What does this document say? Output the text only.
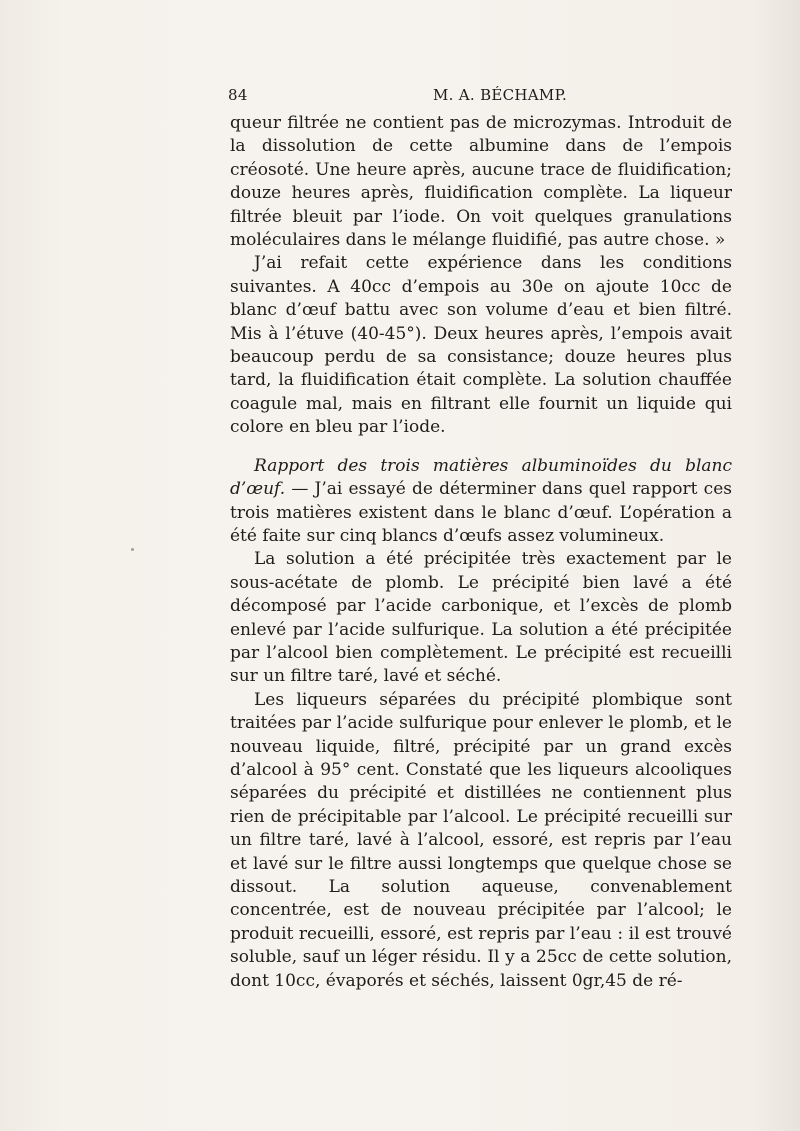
84	M. A. BÉCHAMP.

queur filtrée ne contient pas de microzymas. Introduit de la dissolution de cette albumine dans de l’empois créosoté. Une heure après, aucune trace de fluidification; douze heures après, fluidification complète. La liqueur filtrée bleuit par l’iode. On voit quelques granulations moléculaires dans le mélange fluidifié, pas autre chose. »

J’ai refait cette expérience dans les conditions suivantes. A 40cc d’empois au 30e on ajoute 10cc de blanc d’œuf battu avec son volume d’eau et bien filtré. Mis à l’étuve (40-45°). Deux heures après, l’empois avait beaucoup perdu de sa consistance; douze heures plus tard, la fluidification était complète. La solution chauffée coagule mal, mais en filtrant elle fournit un liquide qui colore en bleu par l’iode.

Rapport des trois matières albuminoïdes du blanc d’œuf. — J’ai essayé de déterminer dans quel rapport ces trois matières existent dans le blanc d’œuf. L’opération a été faite sur cinq blancs d’œufs assez volumineux.

La solution a été précipitée très exactement par le sous-acétate de plomb. Le précipité bien lavé a été décomposé par l’acide carbonique, et l’excès de plomb enlevé par l’acide sulfurique. La solution a été précipitée par l’alcool bien complètement. Le précipité est recueilli sur un filtre taré, lavé et séché.

Les liqueurs séparées du précipité plombique sont traitées par l’acide sulfurique pour enlever le plomb, et le nouveau liquide, filtré, précipité par un grand excès d’alcool à 95° cent. Constaté que les liqueurs alcooliques séparées du précipité et distillées ne contiennent plus rien de précipitable par l’alcool. Le précipité recueilli sur un filtre taré, lavé à l’alcool, essoré, est repris par l’eau et lavé sur le filtre aussi longtemps que quelque chose se dissout. La solution aqueuse, convenablement concentrée, est de nouveau précipitée par l’alcool; le produit recueilli, essoré, est repris par l’eau : il est trouvé soluble, sauf un léger résidu. Il y a 25cc de cette solution, dont 10cc, évaporés et séchés, laissent 0gr,45 de ré-
